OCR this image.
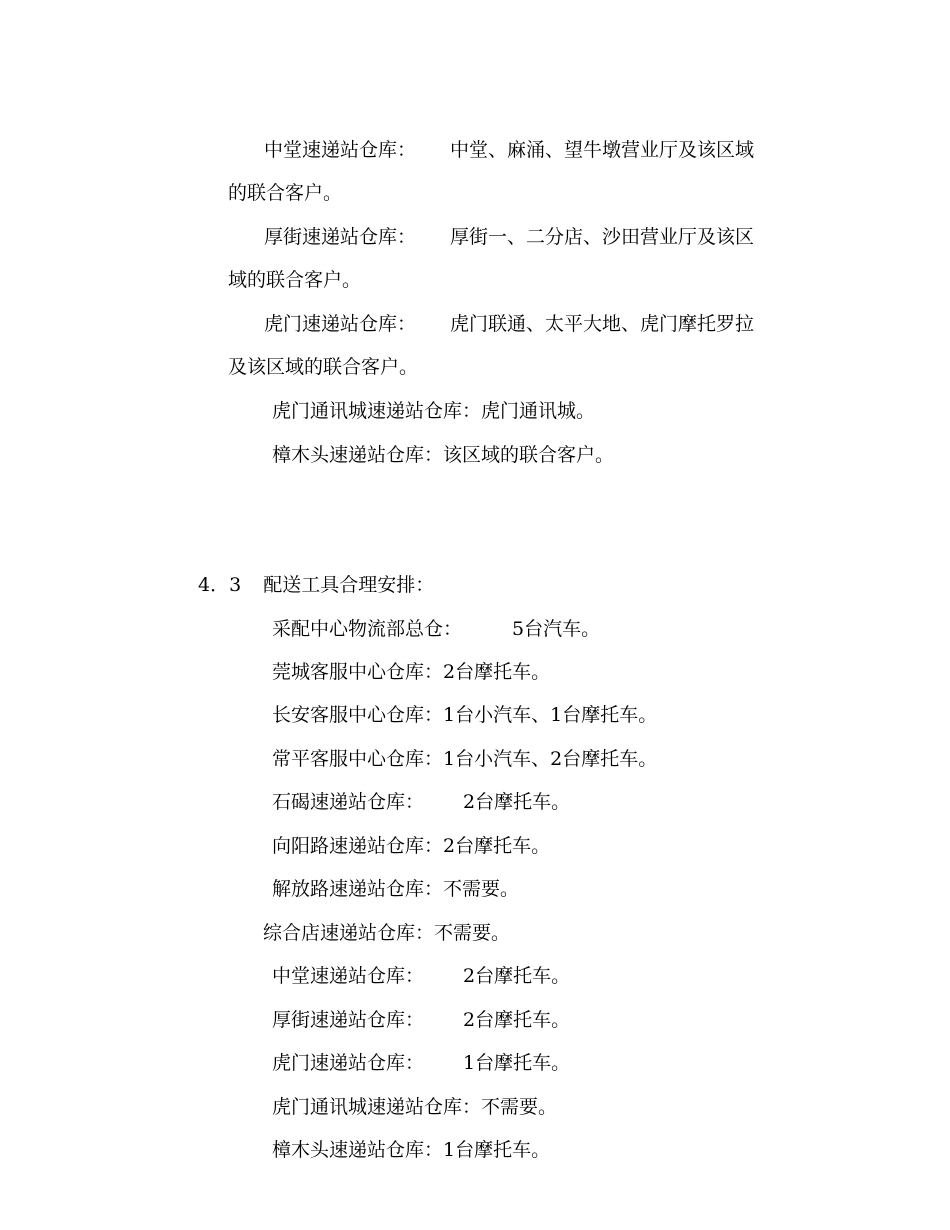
中堂速递站仓库： 中堂、麻涌、望牛墩营业厅及该区域
的联合客户。
厚街速递站仓库： 厚街一、二分店、沙田营业厅及该区
域的联合客户。
虎门速递站仓库： 虎门联通、太平大地、虎门摩托罗拉
及该区域的联合客户。
虎门通讯城速递站仓库：虎门通讯城。
樟木头速递站仓库：该区域的联合客户。
4．3 配送工具合理安排：
采配中心物流部总仓：	5台汽车。
莞城客服中心仓库：2台摩托车。
长安客服中心仓库：1台小汽车、1台摩托车。
常平客服中心仓库：1台小汽车、2台摩托车。
石碣速递站仓库： 2台摩托车。
向阳路速递站仓库：2台摩托车。
解放路速递站仓库：不需要。
综合店速递站仓库：不需要。
中堂速递站仓库： 2台摩托车。
厚街速递站仓库： 2台摩托车。
虎门速递站仓库： 1台摩托车。
虎门通讯城速递站仓库：不需要。
樟木头速递站仓库：1台摩托车。
